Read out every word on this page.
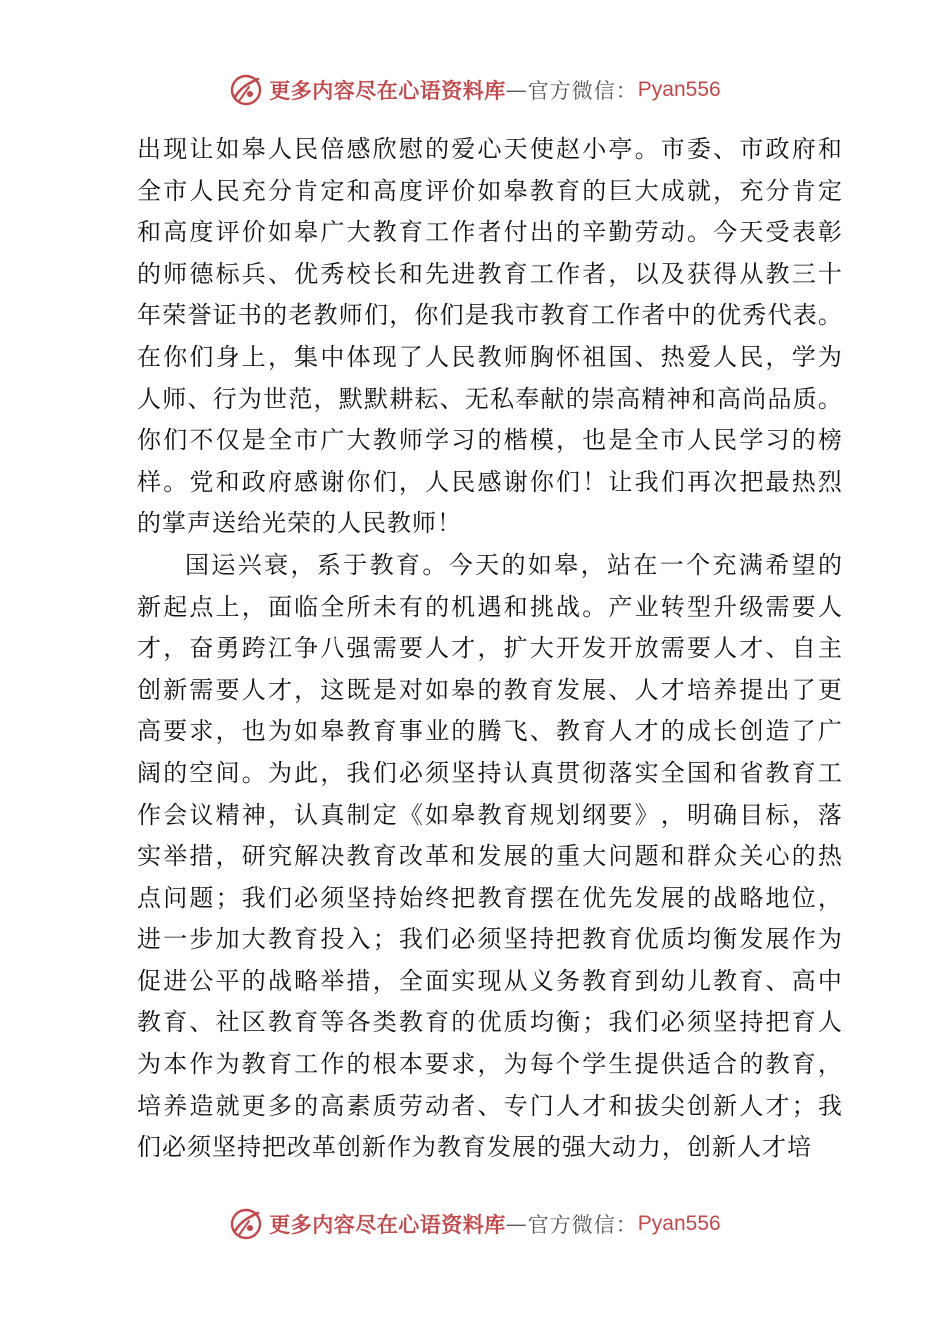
更多内容尽在心语资料库 — 官方微信： Pyan556
出 现 让 如 皋 人 民 倍 感 欣 慰 的 爱 心 天 使 赵 小 亭 。 市 委 、 市 政 府 和
全 市 人 民 充 分 肯 定 和 高 度 评 价 如 皋 教 育 的 巨 大 成 就 ， 充 分 肯 定
和 高 度 评 价 如 皋 广 大 教 育 工 作 者 付 出 的 辛 勤 劳 动 。 今 天 受 表 彰
的 师 德 标 兵 、 优 秀 校 长 和 先 进 教 育 工 作 者 ， 以 及 获 得 从 教 三 十
年 荣 誉 证 书 的 老 教 师 们 ， 你 们 是 我 市 教 育 工 作 者 中 的 优 秀 代 表 。
在 你 们 身 上 ， 集 中 体 现 了 人 民 教 师 胸 怀 祖 国 、 热 爱 人 民 ， 学 为
人 师 、 行 为 世 范 ， 默 默 耕 耘 、 无 私 奉 献 的 崇 高 精 神 和 高 尚 品 质 。
你 们 不 仅 是 全 市 广 大 教 师 学 习 的 楷 模 ， 也 是 全 市 人 民 学 习 的 榜
样 。 党 和 政 府 感 谢 你 们 ， 人 民 感 谢 你 们 ！ 让 我 们 再 次 把 最 热 烈
的掌声送给光荣的人民教师！
国 运 兴 衰 ， 系 于 教 育 。 今 天 的 如 皋 ， 站 在 一 个 充 满 希 望 的
新 起 点 上 ， 面 临 全 所 未 有 的 机 遇 和 挑 战 。 产 业 转 型 升 级 需 要 人
才 ， 奋 勇 跨 江 争 八 强 需 要 人 才 ， 扩 大 开 发 开 放 需 要 人 才 、 自 主
创 新 需 要 人 才 ， 这 既 是 对 如 皋 的 教 育 发 展 、 人 才 培 养 提 出 了 更
高 要 求 ， 也 为 如 皋 教 育 事 业 的 腾 飞 、 教 育 人 才 的 成 长 创 造 了 广
阔 的 空 间 。 为 此 ， 我 们 必 须 坚 持 认 真 贯 彻 落 实 全 国 和 省 教 育 工
作 会 议 精 神 ， 认 真 制 定 《 如 皋 教 育 规 划 纲 要 》 ， 明 确 目 标 ， 落
实 举 措 ， 研 究 解 决 教 育 改 革 和 发 展 的 重 大 问 题 和 群 众 关 心 的 热
点 问 题 ； 我 们 必 须 坚 持 始 终 把 教 育 摆 在 优 先 发 展 的 战 略 地 位 ，
进 一 步 加 大 教 育 投 入 ； 我 们 必 须 坚 持 把 教 育 优 质 均 衡 发 展 作 为
促 进 公 平 的 战 略 举 措 ， 全 面 实 现 从 义 务 教 育 到 幼 儿 教 育 、 高 中
教 育 、 社 区 教 育 等 各 类 教 育 的 优 质 均 衡 ； 我 们 必 须 坚 持 把 育 人
为 本 作 为 教 育 工 作 的 根 本 要 求 ， 为 每 个 学 生 提 供 适 合 的 教 育 ，
培 养 造 就 更 多 的 高 素 质 劳 动 者 、 专 门 人 才 和 拔 尖 创 新 人 才 ； 我
们必须坚持把改革创新作为教育发展的强大动力，创新人才培
更多内容尽在心语资料库 — 官方微信： Pyan556
